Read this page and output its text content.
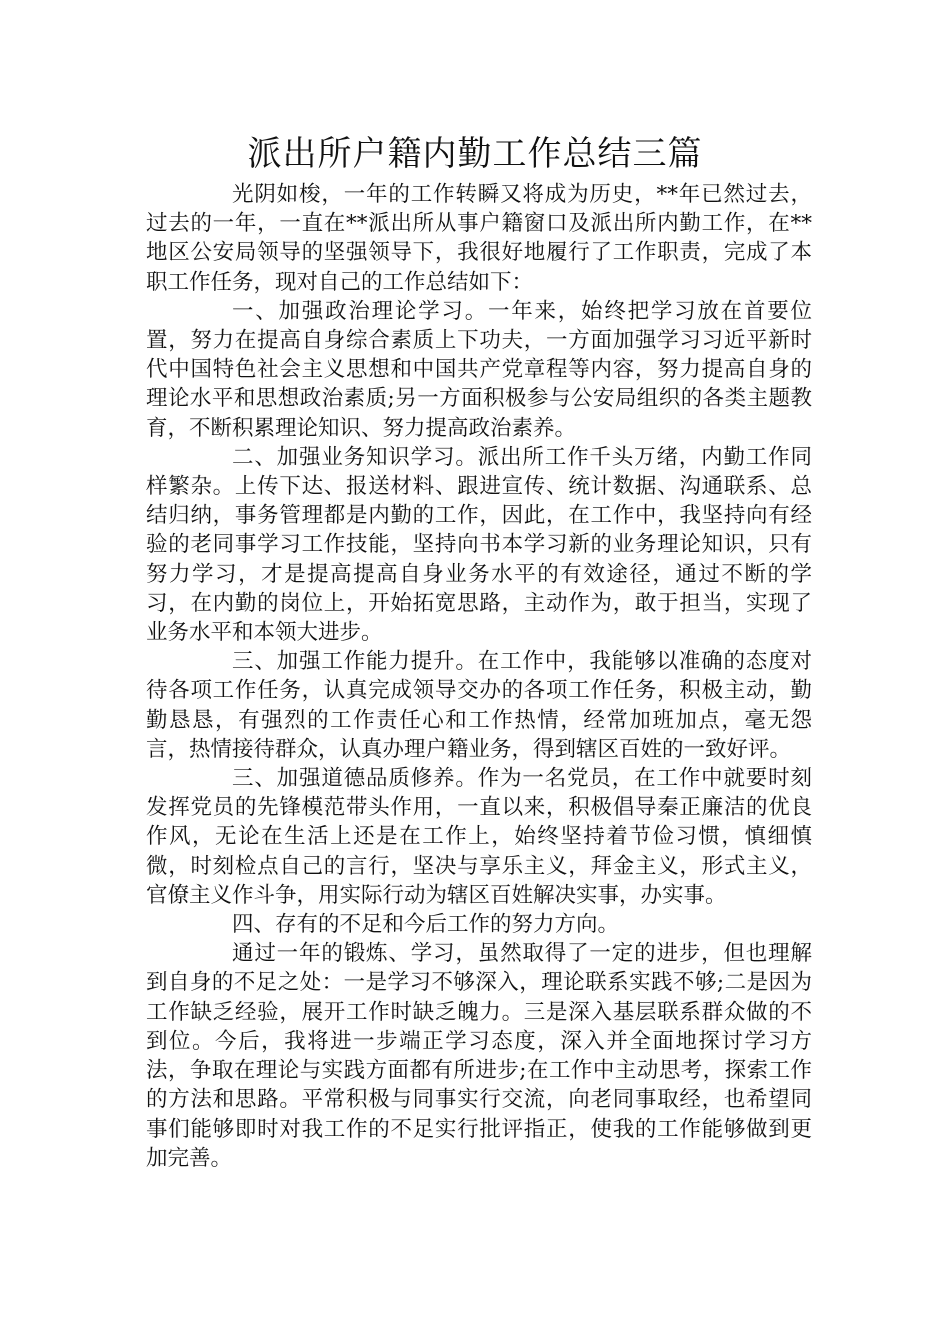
派出所户籍内勤工作总结三篇

光阴如梭，一年的工作转瞬又将成为历史，**年已然过去，过去的一年，一直在**派出所从事户籍窗口及派出所内勤工作，在**地区公安局领导的坚强领导下，我很好地履行了工作职责，完成了本职工作任务，现对自己的工作总结如下：

一、加强政治理论学习。一年来，始终把学习放在首要位置，努力在提高自身综合素质上下功夫，一方面加强学习习近平新时代中国特色社会主义思想和中国共产党章程等内容，努力提高自身的理论水平和思想政治素质;另一方面积极参与公安局组织的各类主题教育，不断积累理论知识、努力提高政治素养。

二、加强业务知识学习。派出所工作千头万绪，内勤工作同样繁杂。上传下达、报送材料、跟进宣传、统计数据、沟通联系、总结归纳，事务管理都是内勤的工作，因此，在工作中，我坚持向有经验的老同事学习工作技能，坚持向书本学习新的业务理论知识，只有努力学习，才是提高提高自身业务水平的有效途径，通过不断的学习，在内勤的岗位上，开始拓宽思路，主动作为，敢于担当，实现了业务水平和本领大进步。

三、加强工作能力提升。在工作中，我能够以准确的态度对待各项工作任务，认真完成领导交办的各项工作任务，积极主动，勤勤恳恳，有强烈的工作责任心和工作热情，经常加班加点，毫无怨言，热情接待群众，认真办理户籍业务，得到辖区百姓的一致好评。

三、加强道德品质修养。作为一名党员，在工作中就要时刻发挥党员的先锋模范带头作用，一直以来，积极倡导秦正廉洁的优良作风，无论在生活上还是在工作上，始终坚持着节俭习惯，慎细慎微，时刻检点自己的言行，坚决与享乐主义，拜金主义，形式主义，官僚主义作斗争，用实际行动为辖区百姓解决实事，办实事。

四、存有的不足和今后工作的努力方向。

通过一年的锻炼、学习，虽然取得了一定的进步，但也理解到自身的不足之处：一是学习不够深入，理论联系实践不够;二是因为工作缺乏经验，展开工作时缺乏魄力。三是深入基层联系群众做的不到位。今后，我将进一步端正学习态度，深入并全面地探讨学习方法，争取在理论与实践方面都有所进步;在工作中主动思考，探索工作的方法和思路。平常积极与同事实行交流，向老同事取经，也希望同事们能够即时对我工作的不足实行批评指正，使我的工作能够做到更加完善。
